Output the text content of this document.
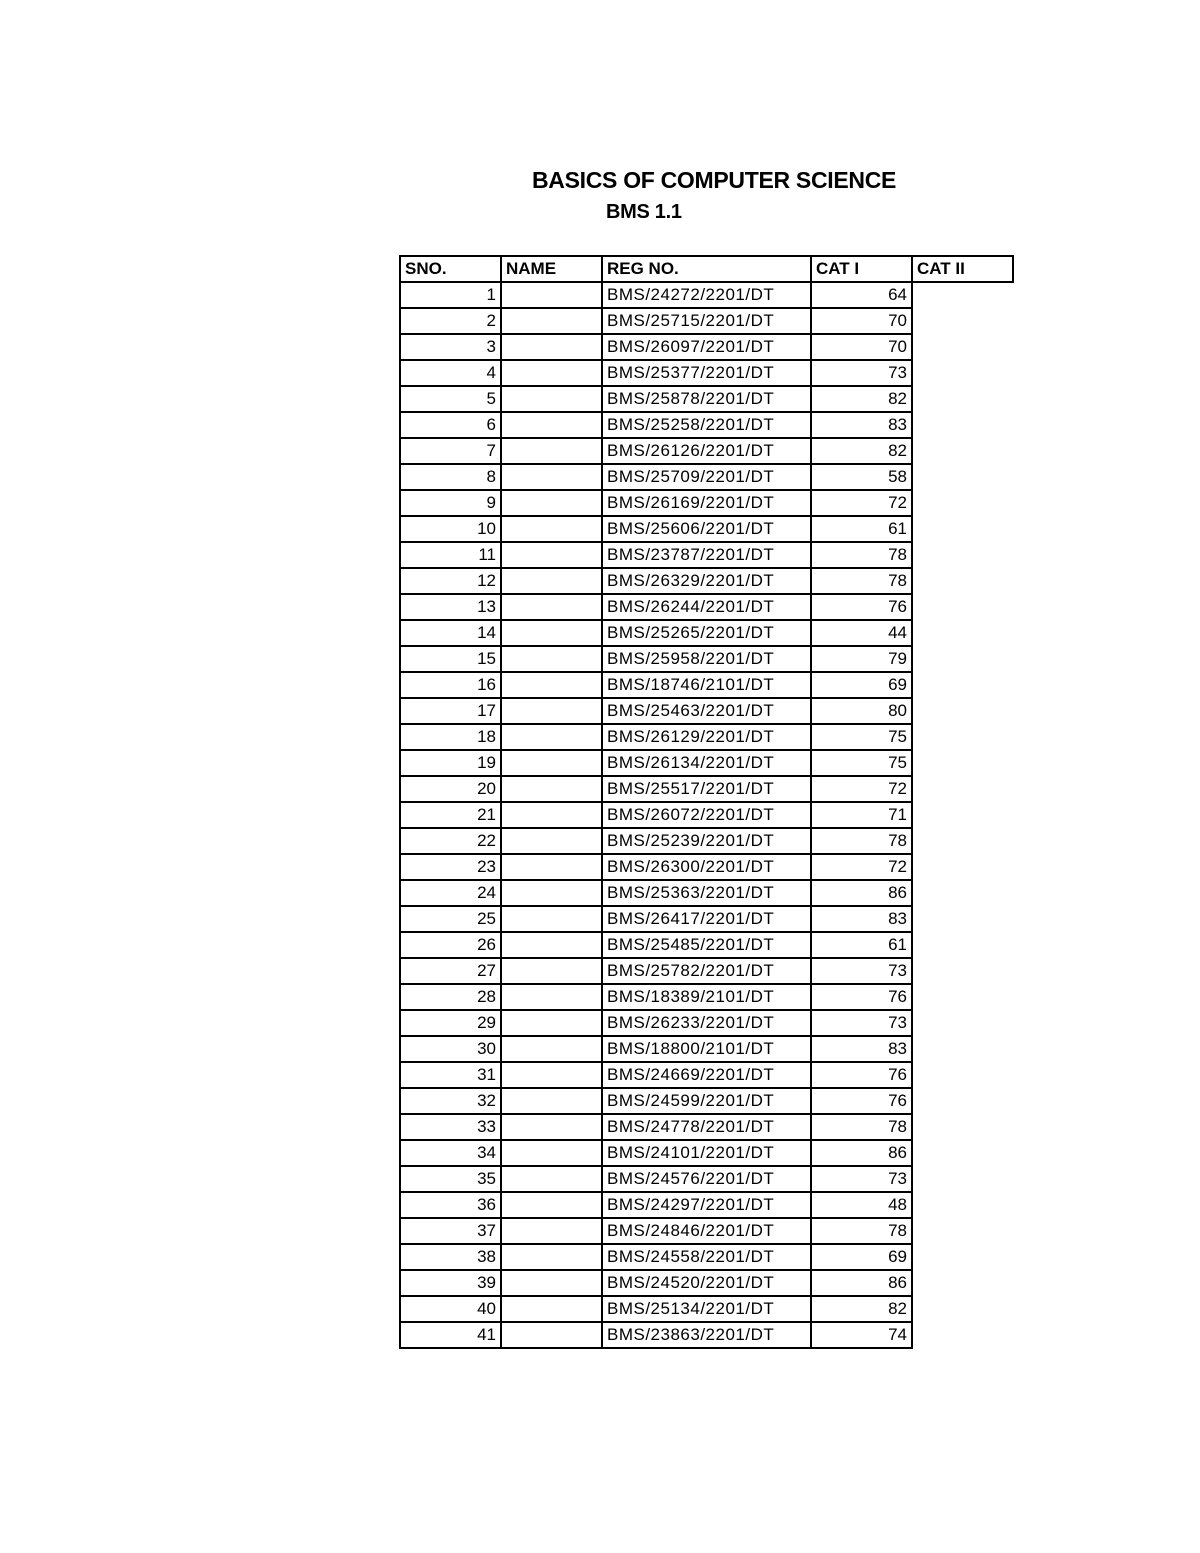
BASICS OF COMPUTER SCIENCE
BMS 1.1
SNO.	NAME	REG NO.	CAT I	CAT II
1		BMS/24272/2201/DT	64	
2		BMS/25715/2201/DT	70	
3		BMS/26097/2201/DT	70	
4		BMS/25377/2201/DT	73	
5		BMS/25878/2201/DT	82	
6		BMS/25258/2201/DT	83	
7		BMS/26126/2201/DT	82	
8		BMS/25709/2201/DT	58	
9		BMS/26169/2201/DT	72	
10		BMS/25606/2201/DT	61	
11		BMS/23787/2201/DT	78	
12		BMS/26329/2201/DT	78	
13		BMS/26244/2201/DT	76	
14		BMS/25265/2201/DT	44	
15		BMS/25958/2201/DT	79	
16		BMS/18746/2101/DT	69	
17		BMS/25463/2201/DT	80	
18		BMS/26129/2201/DT	75	
19		BMS/26134/2201/DT	75	
20		BMS/25517/2201/DT	72	
21		BMS/26072/2201/DT	71	
22		BMS/25239/2201/DT	78	
23		BMS/26300/2201/DT	72	
24		BMS/25363/2201/DT	86	
25		BMS/26417/2201/DT	83	
26		BMS/25485/2201/DT	61	
27		BMS/25782/2201/DT	73	
28		BMS/18389/2101/DT	76	
29		BMS/26233/2201/DT	73	
30		BMS/18800/2101/DT	83	
31		BMS/24669/2201/DT	76	
32		BMS/24599/2201/DT	76	
33		BMS/24778/2201/DT	78	
34		BMS/24101/2201/DT	86	
35		BMS/24576/2201/DT	73	
36		BMS/24297/2201/DT	48	
37		BMS/24846/2201/DT	78	
38		BMS/24558/2201/DT	69	
39		BMS/24520/2201/DT	86	
40		BMS/25134/2201/DT	82	
41		BMS/23863/2201/DT	74	
